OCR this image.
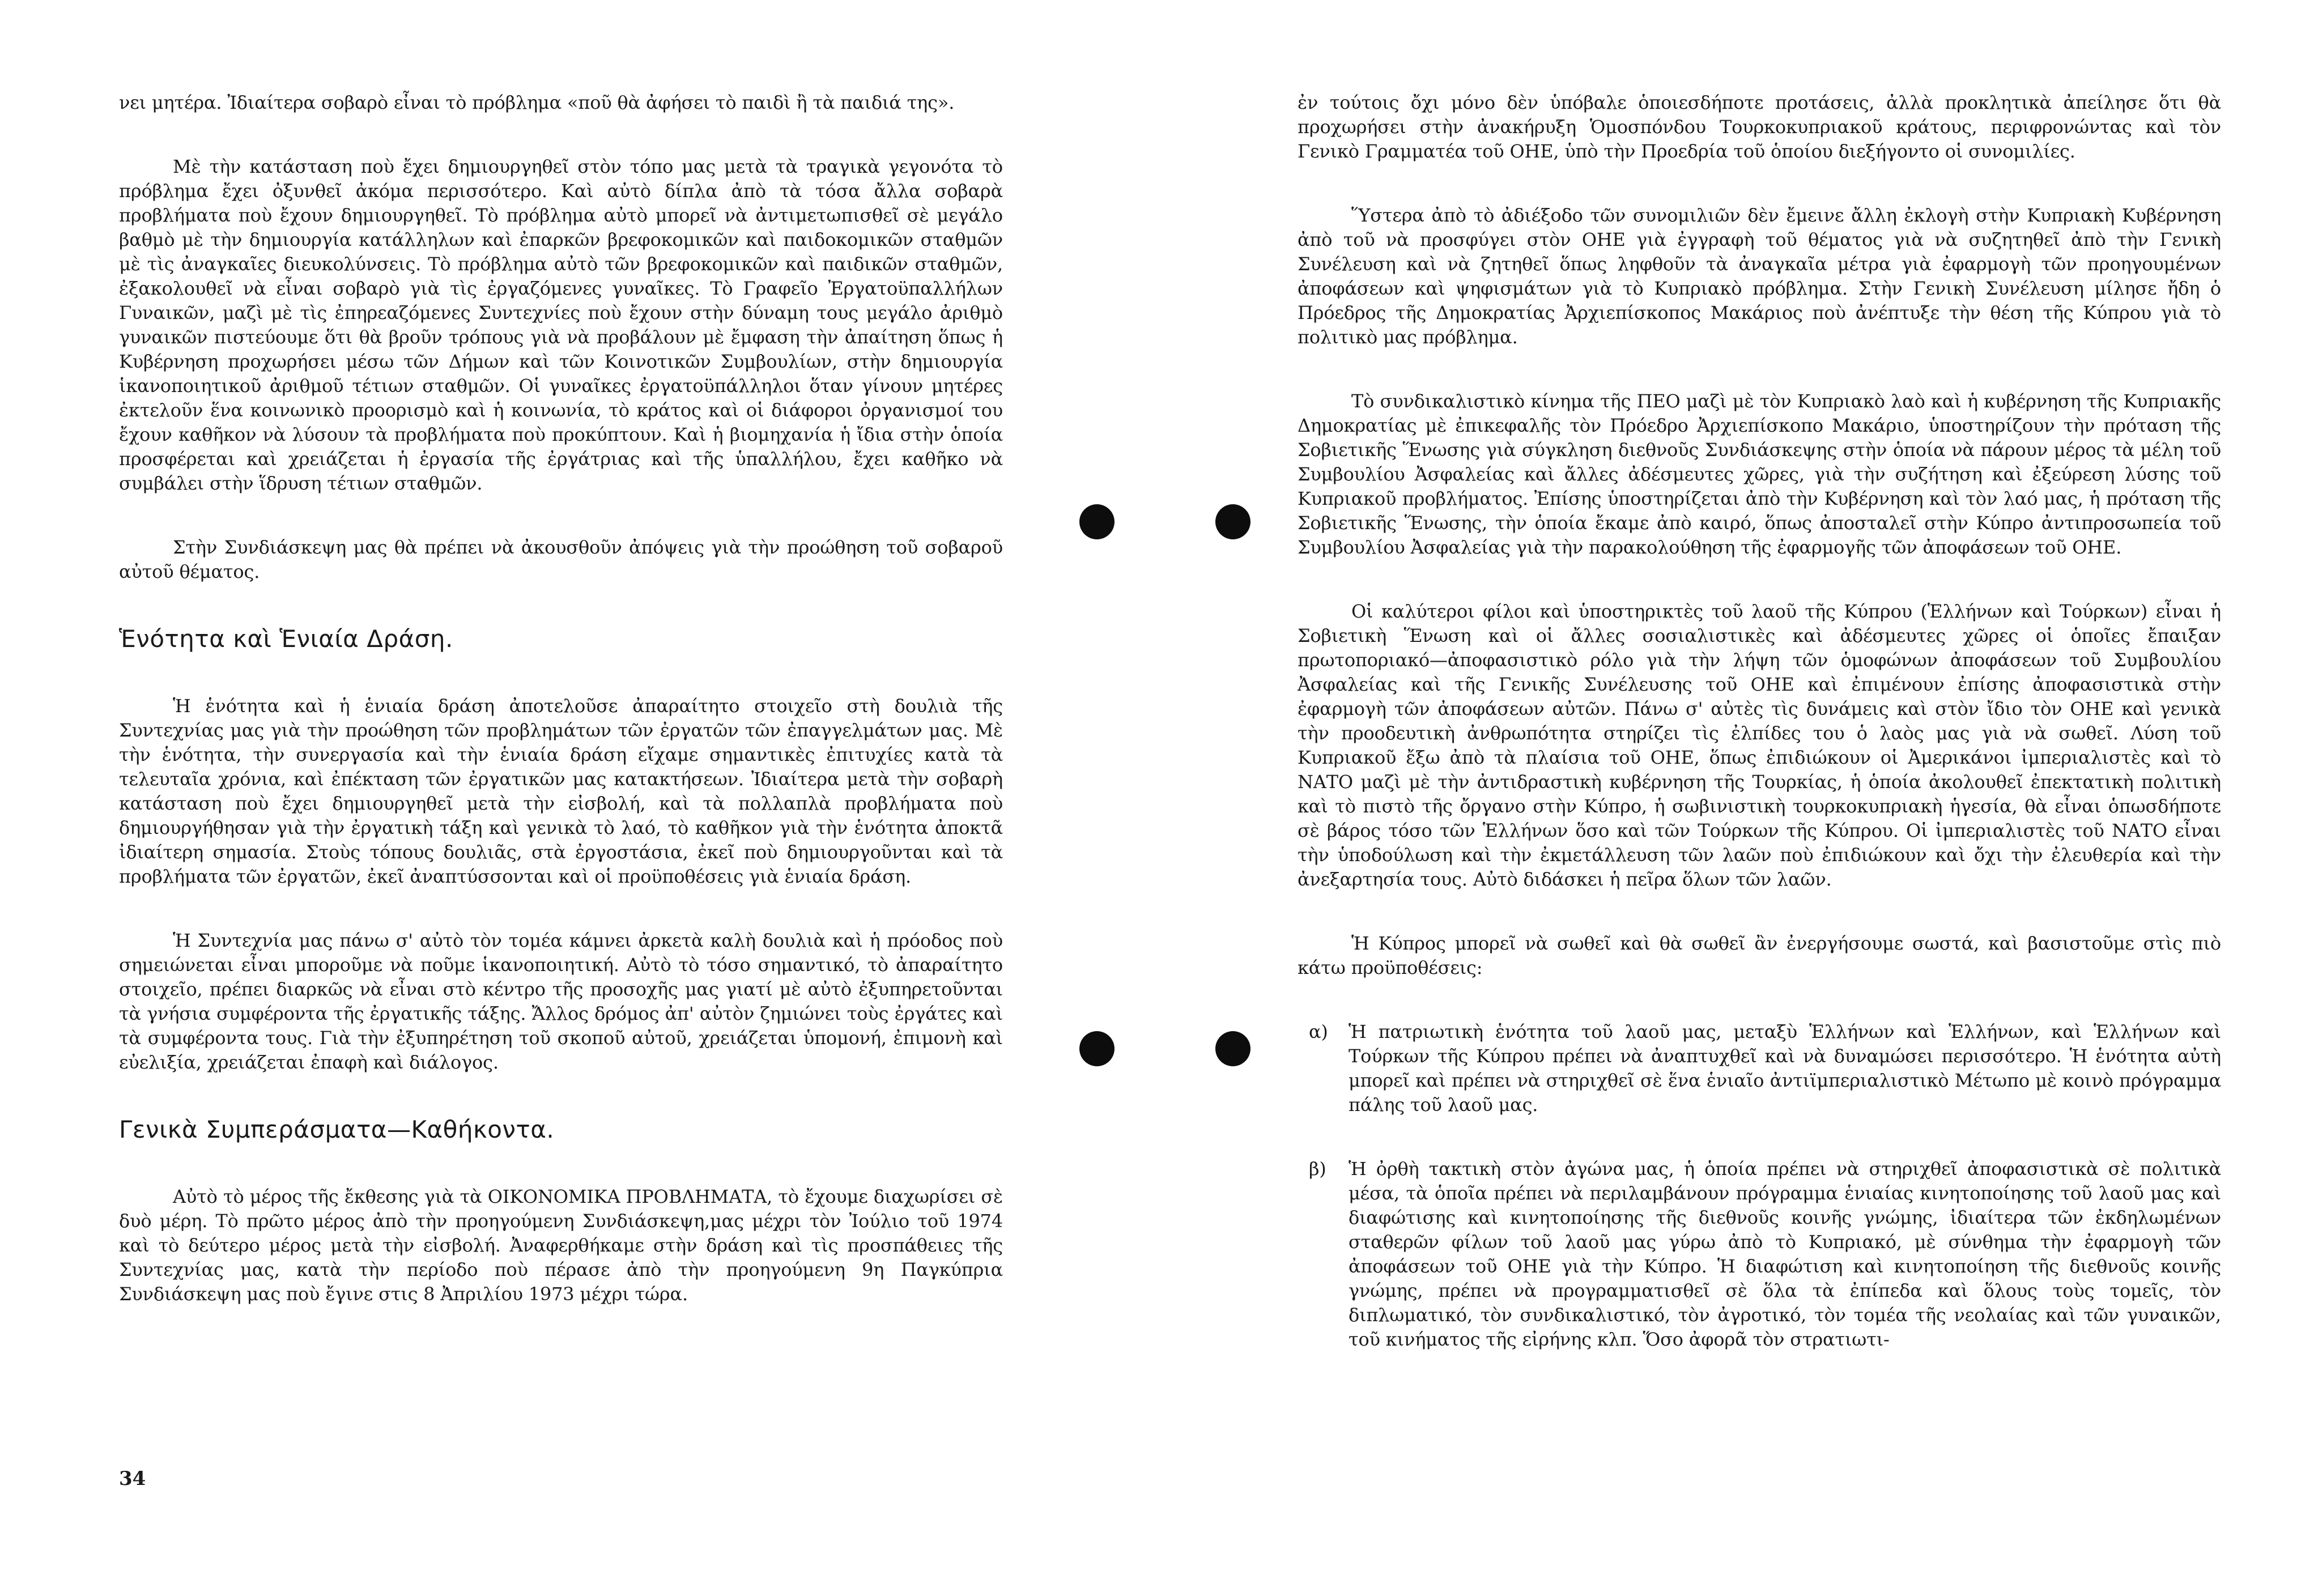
νει μητέρα. Ἰδιαίτερα σοβαρὸ εἶναι τὸ πρόβλημα «ποῦ θὰ ἀφήσει τὸ παιδὶ ἢ τὰ παιδιά της».

Μὲ τὴν κατάσταση ποὺ ἔχει δημιουργηθεῖ στὸν τόπο μας μετὰ τὰ τραγικὰ γεγονότα τὸ πρόβλημα ἔχει ὀξυνθεῖ ἀκόμα περισσότερο. Καὶ αὐτὸ δίπλα ἀπὸ τὰ τόσα ἄλλα σοβαρὰ προβλήματα ποὺ ἔχουν δημιουργηθεῖ. Τὸ πρόβλημα αὐτὸ μπορεῖ νὰ ἀντιμετωπισθεῖ σὲ μεγάλο βαθμὸ μὲ τὴν δημιουργία κατάλληλων καὶ ἐπαρκῶν βρεφοκομικῶν καὶ παιδοκομικῶν σταθμῶν μὲ τὶς ἀναγκαῖες διευκολύνσεις. Τὸ πρόβλημα αὐτὸ τῶν βρεφοκομικῶν καὶ παιδικῶν σταθμῶν, ἐξακολουθεῖ νὰ εἶναι σοβαρὸ γιὰ τὶς ἐργαζόμενες γυναῖκες. Τὸ Γραφεῖο Ἐργατοϋπαλλήλων Γυναικῶν, μαζὶ μὲ τὶς ἐπηρεαζόμενες Συντεχνίες ποὺ ἔχουν στὴν δύναμη τους μεγάλο ἀριθμὸ γυναικῶν πιστεύουμε ὅτι θὰ βροῦν τρόπους γιὰ νὰ προβάλουν μὲ ἔμφαση τὴν ἀπαίτηση ὅπως ἡ Κυβέρνηση προχωρήσει μέσω τῶν Δήμων καὶ τῶν Κοινοτικῶν Συμβουλίων, στὴν δημιουργία ἱκανοποιητικοῦ ἀριθμοῦ τέτιων σταθμῶν. Οἱ γυναῖκες ἐργατοϋπάλληλοι ὅταν γίνουν μητέρες ἐκτελοῦν ἕνα κοινωνικὸ προορισμὸ καὶ ἡ κοινωνία, τὸ κράτος καὶ οἱ διάφοροι ὀργανισμοί του ἔχουν καθῆκον νὰ λύσουν τὰ προβλήματα ποὺ προκύπτουν. Καὶ ἡ βιομηχανία ἡ ἴδια στὴν ὁποία προσφέρεται καὶ χρειάζεται ἡ ἐργασία τῆς ἐργάτριας καὶ τῆς ὑπαλλήλου, ἔχει καθῆκο νὰ συμβάλει στὴν ἵδρυση τέτιων σταθμῶν.

Στὴν Συνδιάσκεψη μας θὰ πρέπει νὰ ἀκουσθοῦν ἀπόψεις γιὰ τὴν προώθηση τοῦ σοβαροῦ αὐτοῦ θέματος.

Ἑνότητα καὶ Ἑνιαία Δράση.

Ἡ ἑνότητα καὶ ἡ ἑνιαία δράση ἀποτελοῦσε ἀπαραίτητο στοιχεῖο στὴ δουλιὰ τῆς Συντεχνίας μας γιὰ τὴν προώθηση τῶν προβλημάτων τῶν ἐργατῶν τῶν ἐπαγγελμάτων μας. Μὲ τὴν ἑνότητα, τὴν συνεργασία καὶ τὴν ἑνιαία δράση εἴχαμε σημαντικὲς ἐπιτυχίες κατὰ τὰ τελευταῖα χρόνια, καὶ ἐπέκταση τῶν ἐργατικῶν μας κατακτήσεων. Ἰδιαίτερα μετὰ τὴν σοβαρὴ κατάσταση ποὺ ἔχει δημιουργηθεῖ μετὰ τὴν εἰσβολή, καὶ τὰ πολλαπλὰ προβλήματα ποὺ δημιουργήθησαν γιὰ τὴν ἐργατικὴ τάξη καὶ γενικὰ τὸ λαό, τὸ καθῆκον γιὰ τὴν ἑνότητα ἀποκτᾶ ἰδιαίτερη σημασία. Στοὺς τόπους δουλιᾶς, στὰ ἐργοστάσια, ἐκεῖ ποὺ δημιουργοῦνται καὶ τὰ προβλήματα τῶν ἐργατῶν, ἐκεῖ ἀναπτύσσονται καὶ οἱ προϋποθέσεις γιὰ ἑνιαία δράση.

Ἡ Συντεχνία μας πάνω σ' αὐτὸ τὸν τομέα κάμνει ἀρκετὰ καλὴ δουλιὰ καὶ ἡ πρόοδος ποὺ σημειώνεται εἶναι μποροῦμε νὰ ποῦμε ἱκανοποιητική. Αὐτὸ τὸ τόσο σημαντικό, τὸ ἀπαραίτητο στοιχεῖο, πρέπει διαρκῶς νὰ εἶναι στὸ κέντρο τῆς προσοχῆς μας γιατί μὲ αὐτὸ ἐξυπηρετοῦνται τὰ γνήσια συμφέροντα τῆς ἐργατικῆς τάξης. Ἄλλος δρόμος ἀπ' αὐτὸν ζημιώνει τοὺς ἐργάτες καὶ τὰ συμφέροντα τους. Γιὰ τὴν ἐξυπηρέτηση τοῦ σκοποῦ αὐτοῦ, χρειάζεται ὑπομονή, ἐπιμονὴ καὶ εὐελιξία, χρειάζεται ἐπαφὴ καὶ διάλογος.

Γενικὰ Συμπεράσματα—Καθήκοντα.

Αὐτὸ τὸ μέρος τῆς ἔκθεσης γιὰ τὰ ΟΙΚΟΝΟΜΙΚΑ ΠΡΟΒΛΗΜΑΤΑ, τὸ ἔχουμε διαχωρίσει σὲ δυὸ μέρη. Τὸ πρῶτο μέρος ἀπὸ τὴν προηγούμενη Συνδιάσκεψη,μας μέχρι τὸν Ἰούλιο τοῦ 1974 καὶ τὸ δεύτερο μέρος μετὰ τὴν εἰσβολή. Ἀναφερθήκαμε στὴν δράση καὶ τὶς προσπάθειες τῆς Συντεχνίας μας, κατὰ τὴν περίοδο ποὺ πέρασε ἀπὸ τὴν προηγούμενη 9η Παγκύπρια Συνδιάσκεψη μας ποὺ ἔγινε στις 8 Ἀπριλίου 1973 μέχρι τώρα.

34

ἐν τούτοις ὄχι μόνο δὲν ὑπόβαλε ὁποιεσδήποτε προτάσεις, ἀλλὰ προκλητικὰ ἀπείλησε ὅτι θὰ προχωρήσει στὴν ἀνακήρυξη Ὁμοσπόνδου Τουρκοκυπριακοῦ κράτους, περιφρονώντας καὶ τὸν Γενικὸ Γραμματέα τοῦ ΟΗΕ, ὑπὸ τὴν Προεδρία τοῦ ὁποίου διεξήγοντο οἱ συνομιλίες.

Ὕστερα ἀπὸ τὸ ἀδιέξοδο τῶν συνομιλιῶν δὲν ἔμεινε ἄλλη ἐκλογὴ στὴν Κυπριακὴ Κυβέρνηση ἀπὸ τοῦ νὰ προσφύγει στὸν ΟΗΕ γιὰ ἐγγραφὴ τοῦ θέματος γιὰ νὰ συζητηθεῖ ἀπὸ τὴν Γενικὴ Συνέλευση καὶ νὰ ζητηθεῖ ὅπως ληφθοῦν τὰ ἀναγκαῖα μέτρα γιὰ ἐφαρμογὴ τῶν προηγουμένων ἀποφάσεων καὶ ψηφισμάτων γιὰ τὸ Κυπριακὸ πρόβλημα. Στὴν Γενικὴ Συνέλευση μίλησε ἤδη ὁ Πρόεδρος τῆς Δημοκρατίας Ἀρχιεπίσκοπος Μακάριος ποὺ ἀνέπτυξε τὴν θέση τῆς Κύπρου γιὰ τὸ πολιτικὸ μας πρόβλημα.

Τὸ συνδικαλιστικὸ κίνημα τῆς ΠΕΟ μαζὶ μὲ τὸν Κυπριακὸ λαὸ καὶ ἡ κυβέρνηση τῆς Κυπριακῆς Δημοκρατίας μὲ ἐπικεφαλῆς τὸν Πρόεδρο Ἀρχιεπίσκοπο Μακάριο, ὑποστηρίζουν τὴν πρόταση τῆς Σοβιετικῆς Ἕνωσης γιὰ σύγκληση διεθνοῦς Συνδιάσκεψης στὴν ὁποία νὰ πάρουν μέρος τὰ μέλη τοῦ Συμβουλίου Ἀσφαλείας καὶ ἄλλες ἀδέσμευτες χῶρες, γιὰ τὴν συζήτηση καὶ ἐξεύρεση λύσης τοῦ Κυπριακοῦ προβλήματος. Ἐπίσης ὑποστηρίζεται ἀπὸ τὴν Κυβέρνηση καὶ τὸν λαό μας, ἡ πρόταση τῆς Σοβιετικῆς Ἕνωσης, τὴν ὁποία ἔκαμε ἀπὸ καιρό, ὅπως ἀποσταλεῖ στὴν Κύπρο ἀντιπροσωπεία τοῦ Συμβουλίου Ἀσφαλείας γιὰ τὴν παρακολούθηση τῆς ἐφαρμογῆς τῶν ἀποφάσεων τοῦ ΟΗΕ.

Οἱ καλύτεροι φίλοι καὶ ὑποστηρικτὲς τοῦ λαοῦ τῆς Κύπρου (Ἑλλήνων καὶ Τούρκων) εἶναι ἡ Σοβιετικὴ Ἕνωση καὶ οἱ ἄλλες σοσιαλιστικὲς καὶ ἀδέσμευτες χῶρες οἱ ὁποῖες ἔπαιξαν πρωτοποριακό—ἀποφασιστικὸ ρόλο γιὰ τὴν λήψη τῶν ὁμοφώνων ἀποφάσεων τοῦ Συμβουλίου Ἀσφαλείας καὶ τῆς Γενικῆς Συνέλευσης τοῦ ΟΗΕ καὶ ἐπιμένουν ἐπίσης ἀποφασιστικὰ στὴν ἐφαρμογὴ τῶν ἀποφάσεων αὐτῶν. Πάνω σ' αὐτὲς τὶς δυνάμεις καὶ στὸν ἴδιο τὸν ΟΗΕ καὶ γενικὰ τὴν προοδευτικὴ ἀνθρωπότητα στηρίζει τὶς ἐλπίδες του ὁ λαὸς μας γιὰ νὰ σωθεῖ. Λύση τοῦ Κυπριακοῦ ἔξω ἀπὸ τὰ πλαίσια τοῦ ΟΗΕ, ὅπως ἐπιδιώκουν οἱ Ἀμερικάνοι ἰμπεριαλιστὲς καὶ τὸ ΝΑΤΟ μαζὶ μὲ τὴν ἀντιδραστικὴ κυβέρνηση τῆς Τουρκίας, ἡ ὁποία ἀκολουθεῖ ἐπεκτατικὴ πολιτικὴ καὶ τὸ πιστὸ τῆς ὄργανο στὴν Κύπρο, ἡ σωβινιστικὴ τουρκοκυπριακὴ ἡγεσία, θὰ εἶναι ὁπωσδήποτε σὲ βάρος τόσο τῶν Ἑλλήνων ὅσο καὶ τῶν Τούρκων τῆς Κύπρου. Οἱ ἰμπεριαλιστὲς τοῦ ΝΑΤΟ εἶναι τὴν ὑποδούλωση καὶ τὴν ἐκμετάλλευση τῶν λαῶν ποὺ ἐπιδιώκουν καὶ ὄχι τὴν ἐλευθερία καὶ τὴν ἀνεξαρτησία τους. Αὐτὸ διδάσκει ἡ πεῖρα ὅλων τῶν λαῶν.

Ἡ Κύπρος μπορεῖ νὰ σωθεῖ καὶ θὰ σωθεῖ ἂν ἐνεργήσουμε σωστά, καὶ βασιστοῦμε στὶς πιὸ κάτω προϋποθέσεις:

α)	Ἡ πατριωτικὴ ἑνότητα τοῦ λαοῦ μας, μεταξὺ Ἑλλήνων καὶ Ἑλλήνων, καὶ Ἑλλήνων καὶ Τούρκων τῆς Κύπρου πρέπει νὰ ἀναπτυχθεῖ καὶ νὰ δυναμώσει περισσότερο. Ἡ ἑνότητα αὐτὴ μπορεῖ καὶ πρέπει νὰ στηριχθεῖ σὲ ἕνα ἑνιαῖο ἀντιϊμπεριαλιστικὸ Μέτωπο μὲ κοινὸ πρόγραμμα πάλης τοῦ λαοῦ μας.
β)	Ἡ ὀρθὴ τακτικὴ στὸν ἀγώνα μας, ἡ ὁποία πρέπει νὰ στηριχθεῖ ἀποφασιστικὰ σὲ πολιτικὰ μέσα, τὰ ὁποῖα πρέπει νὰ περιλαμβάνουν πρόγραμμα ἑνιαίας κινητοποίησης τοῦ λαοῦ μας καὶ διαφώτισης καὶ κινητοποίησης τῆς διεθνοῦς κοινῆς γνώμης, ἰδιαίτερα τῶν ἐκδηλωμένων σταθερῶν φίλων τοῦ λαοῦ μας γύρω ἀπὸ τὸ Κυπριακό, μὲ σύνθημα τὴν ἐφαρμογὴ τῶν ἀποφάσεων τοῦ ΟΗΕ γιὰ τὴν Κύπρο. Ἡ διαφώτιση καὶ κινητοποίηση τῆς διεθνοῦς κοινῆς γνώμης, πρέπει νὰ προγραμματισθεῖ σὲ ὅλα τὰ ἐπίπεδα καὶ ὅλους τοὺς τομεῖς, τὸν διπλωματικό, τὸν συνδικαλιστικό, τὸν ἀγροτικό, τὸν τομέα τῆς νεολαίας καὶ τῶν γυναικῶν, τοῦ κινήματος τῆς εἰρήνης κλπ. Ὅσο ἀφορᾶ τὸν στρατιωτι-
